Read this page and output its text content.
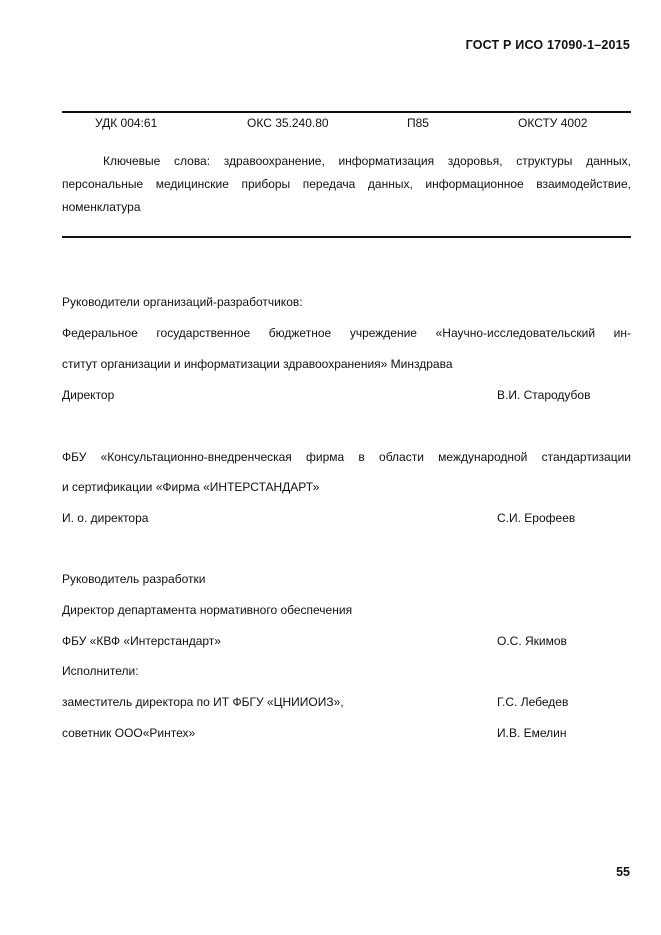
ГОСТ Р ИСО 17090-1–2015
УДК 004:61	ОКС 35.240.80	П85	ОКСТУ 4002

Ключевые слова: здравоохранение, информатизация здоровья, структуры данных, персональные медицинские приборы передача данных, информационное взаимодействие, номенклатура

Руководители организаций-разработчиков:
Федеральное государственное бюджетное учреждение «Научно-исследовательский ин-
ститут организации и информатизации здравоохранения» Минздрава
Директор	В.И. Стародубов
ФБУ «Консультационно-внедренческая фирма в области международной стандартизации
и сертификации «Фирма «ИНТЕРСТАНДАРТ»
И. о. директора	С.И. Ерофеев
Руководитель разработки
Директор департамента нормативного обеспечения
ФБУ «КВФ «Интерстандарт»	О.С. Якимов
Исполнители:
заместитель директора по ИТ ФБГУ «ЦНИИОИЗ»,	Г.С. Лебедев
советник ООО«Ринтех»	И.В. Емелин
55
